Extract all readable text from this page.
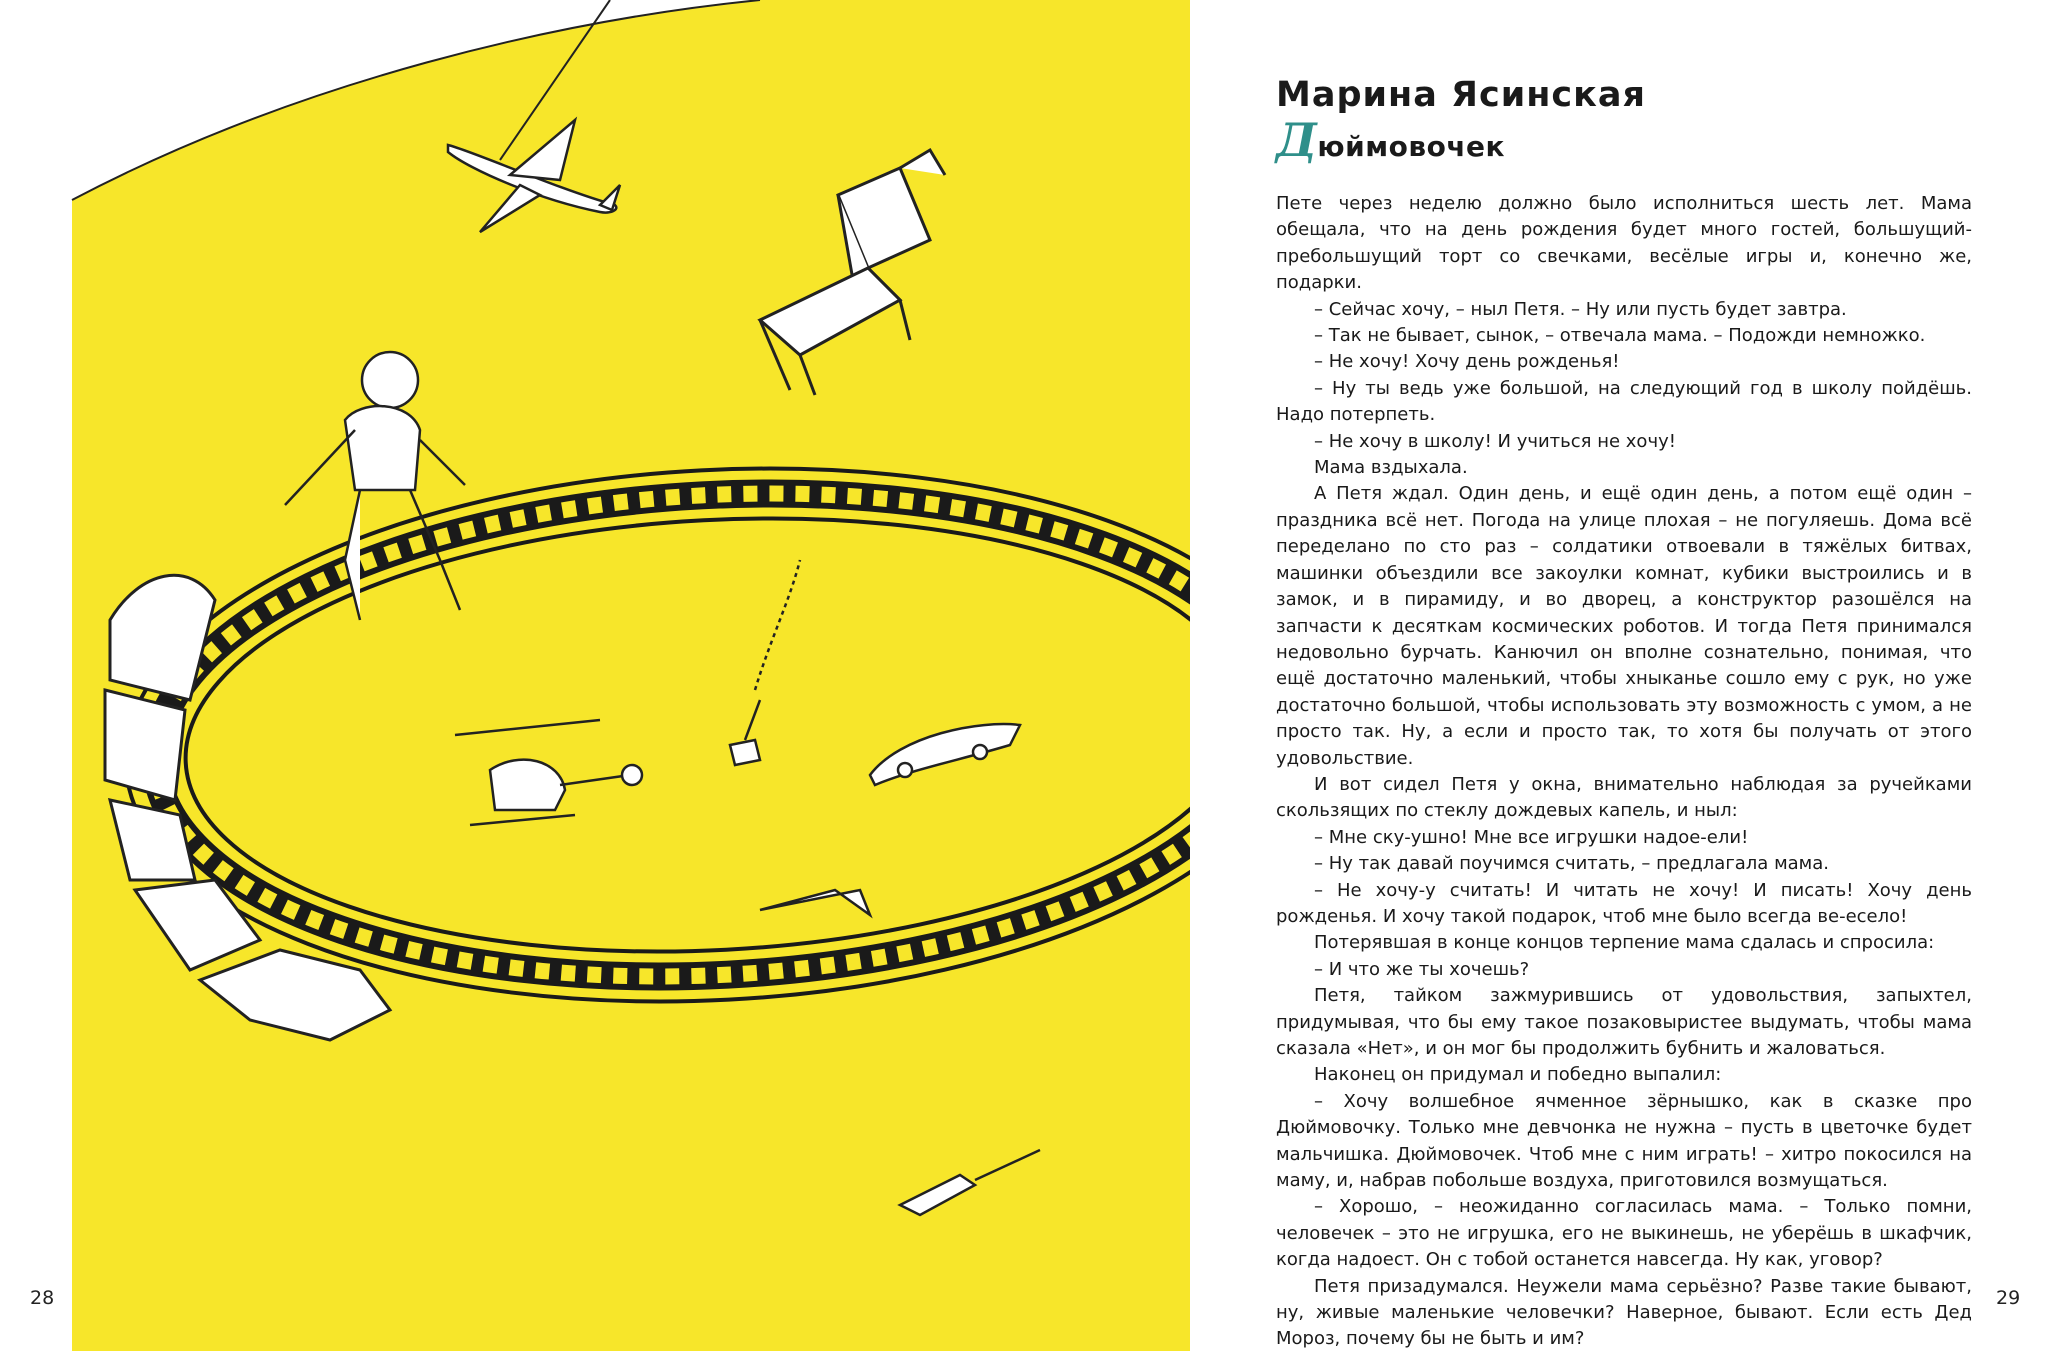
28	29
Марина Ясинская
Дюймовочек

Пете через неделю должно было исполниться шесть лет. Мама обещала, что на день рождения будет много гостей, большущий-пребольшущий торт со свечками, весёлые игры и, конечно же, подарки.

– Сейчас хочу, – ныл Петя. – Ну или пусть будет завтра.

– Так не бывает, сынок, – отвечала мама. – Подожди немножко.

– Не хочу! Хочу день рожденья!

– Ну ты ведь уже большой, на следующий год в школу пойдёшь. Надо потерпеть.

– Не хочу в школу! И учиться не хочу!

Мама вздыхала.

А Петя ждал. Один день, и ещё один день, а потом ещё один – праздника всё нет. Погода на улице плохая – не погуляешь. Дома всё переделано по сто раз – солдатики отвоевали в тяжёлых битвах, машинки объездили все закоулки комнат, кубики выстроились и в замок, и в пирамиду, и во дворец, а конструктор разошёлся на запчасти к десяткам космических роботов. И тогда Петя принимался недовольно бурчать. Канючил он вполне сознательно, понимая, что ещё достаточно маленький, чтобы хныканье сошло ему с рук, но уже достаточно большой, чтобы использовать эту возможность с умом, а не просто так. Ну, а если и просто так, то хотя бы получать от этого удовольствие.

И вот сидел Петя у окна, внимательно наблюдая за ручейками скользящих по стеклу дождевых капель, и ныл:

– Мне ску-ушно! Мне все игрушки надое-ели!

– Ну так давай поучимся считать, – предлагала мама.

– Не хочу-у считать! И читать не хочу! И писать! Хочу день рожденья. И хочу такой подарок, чтоб мне было всегда ве-есело!

Потерявшая в конце концов терпение мама сдалась и спросила:

– И что же ты хочешь?

Петя, тайком зажмурившись от удовольствия, запыхтел, придумывая, что бы ему такое позаковыристее выдумать, чтобы мама сказала «Нет», и он мог бы продолжить бубнить и жаловаться.

Наконец он придумал и победно выпалил:

– Хочу волшебное ячменное зёрнышко, как в сказке про Дюймовочку. Только мне девчонка не нужна – пусть в цветочке будет мальчишка. Дюймовочек. Чтоб мне с ним играть! – хитро покосился на маму, и, набрав побольше воздуха, приготовился возмущаться.

– Хорошо, – неожиданно согласилась мама. – Только помни, человечек – это не игрушка, его не выкинешь, не уберёшь в шкафчик, когда надоест. Он с тобой останется навсегда. Ну как, уговор?

Петя призадумался. Неужели мама серьёзно? Разве такие бывают, ну, живые маленькие человечки? Наверное, бывают. Если есть Дед Мороз, почему бы не быть и им?
